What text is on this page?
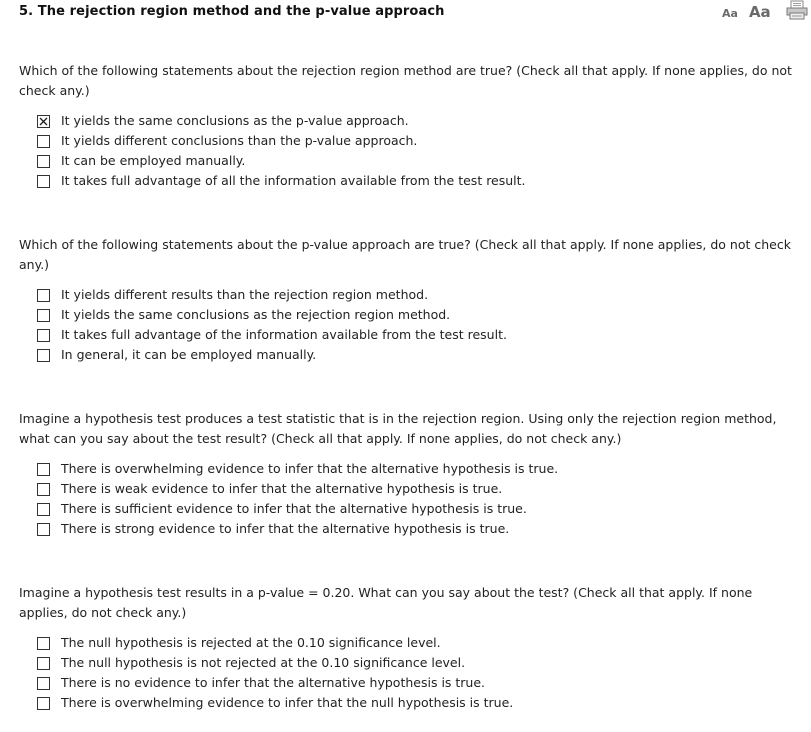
5. The rejection region method and the p-value approach	Aa Aa

Which of the following statements about the rejection region method are true? (Check all that apply. If none applies, do not check any.)

It yields the same conclusions as the p-value approach.
It yields different conclusions than the p-value approach.
It can be employed manually.
It takes full advantage of all the information available from the test result.

Which of the following statements about the p-value approach are true? (Check all that apply. If none applies, do not check any.)

It yields different results than the rejection region method.
It yields the same conclusions as the rejection region method.
It takes full advantage of the information available from the test result.
In general, it can be employed manually.

Imagine a hypothesis test produces a test statistic that is in the rejection region. Using only the rejection region method, what can you say about the test result? (Check all that apply. If none applies, do not check any.)

There is overwhelming evidence to infer that the alternative hypothesis is true.
There is weak evidence to infer that the alternative hypothesis is true.
There is sufficient evidence to infer that the alternative hypothesis is true.
There is strong evidence to infer that the alternative hypothesis is true.

Imagine a hypothesis test results in a p-value = 0.20. What can you say about the test? (Check all that apply. If none applies, do not check any.)

The null hypothesis is rejected at the 0.10 significance level.
The null hypothesis is not rejected at the 0.10 significance level.
There is no evidence to infer that the alternative hypothesis is true.
There is overwhelming evidence to infer that the null hypothesis is true.
